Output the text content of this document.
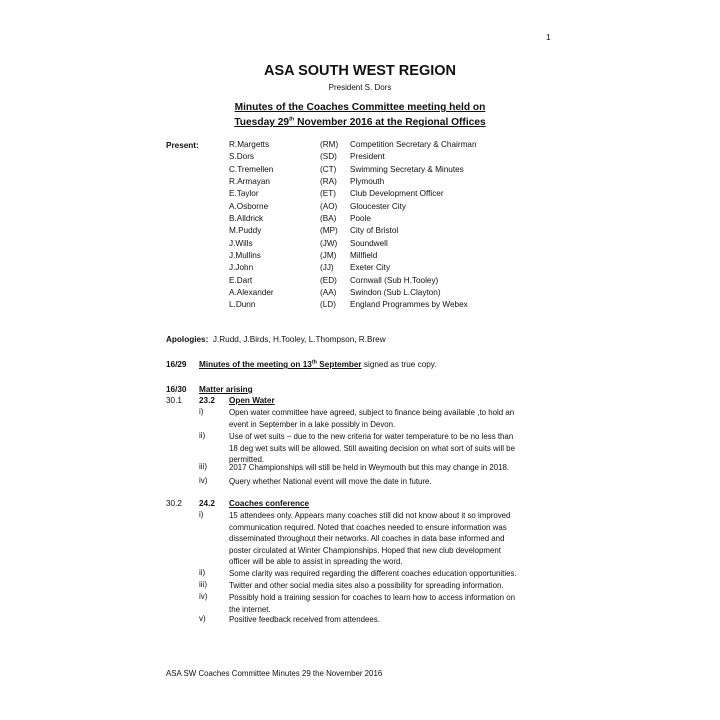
1
ASA SOUTH WEST REGION
President S. Dors
Minutes of the Coaches Committee meeting held on
Tuesday 29th November 2016 at the Regional Offices
Present:	R.Margetts	(RM) Competition Secretary & Chairman
S.Dors	(SD) President
C.Tremellen	(CT) Swimming Secretary & Minutes
R.Armayan	(RA) Plymouth
E.Taylor	(ET) Club Development Officer
A.Osborne	(AO) Gloucester City
B.Alldrick	(BA) Poole
M.Puddy	(MP) City of Bristol
J.Wills	(JW) Soundwell
J.Mullins	(JM) Millfield
J.John	(JJ) Exeter City
E.Dart	(ED) Cornwall (Sub H.Tooley)
A.Alexander	(AA) Swindon (Sub L.Clayton)
L.Dunn	(LD) England Programmes by Webex
Apologies: J.Rudd, J.Birds, H.Tooley, L.Thompson, R.Brew
16/29 Minutes of the meeting on 13th September signed as true copy.
16/30 Matter arising
30.1 23.2 Open Water
i)	Open water committee have agreed, subject to finance being available ,to hold an
event in September in a lake possibly in Devon.
ii)	Use of wet suits – due to the new criteria for water temperature to be no less than
18 deg wet suits will be allowed. Still awaiting decision on what sort of suits will be
permitted.
iii)	2017 Championships will still be held in Weymouth but this may change in 2018.
iv)	Query whether National event will move the date in future.
30.2 24.2 Coaches conference
i)	15 attendees only. Appears many coaches still did not know about it so improved
communication required. Noted that coaches needed to ensure information was
disseminated throughout their networks. All coaches in data base informed and
poster circulated at Winter Championships. Hoped that new club development
officer will be able to assist in spreading the word.
ii)	Some clarity was required regarding the different coaches education opportunities.
iii)	Twitter and other social media sites also a possibility for spreading information.
iv)	Possibly hold a training session for coaches to learn how to access information on
the internet.
v)	Positive feedback received from attendees.
ASA SW Coaches Committee Minutes 29 the November 2016
